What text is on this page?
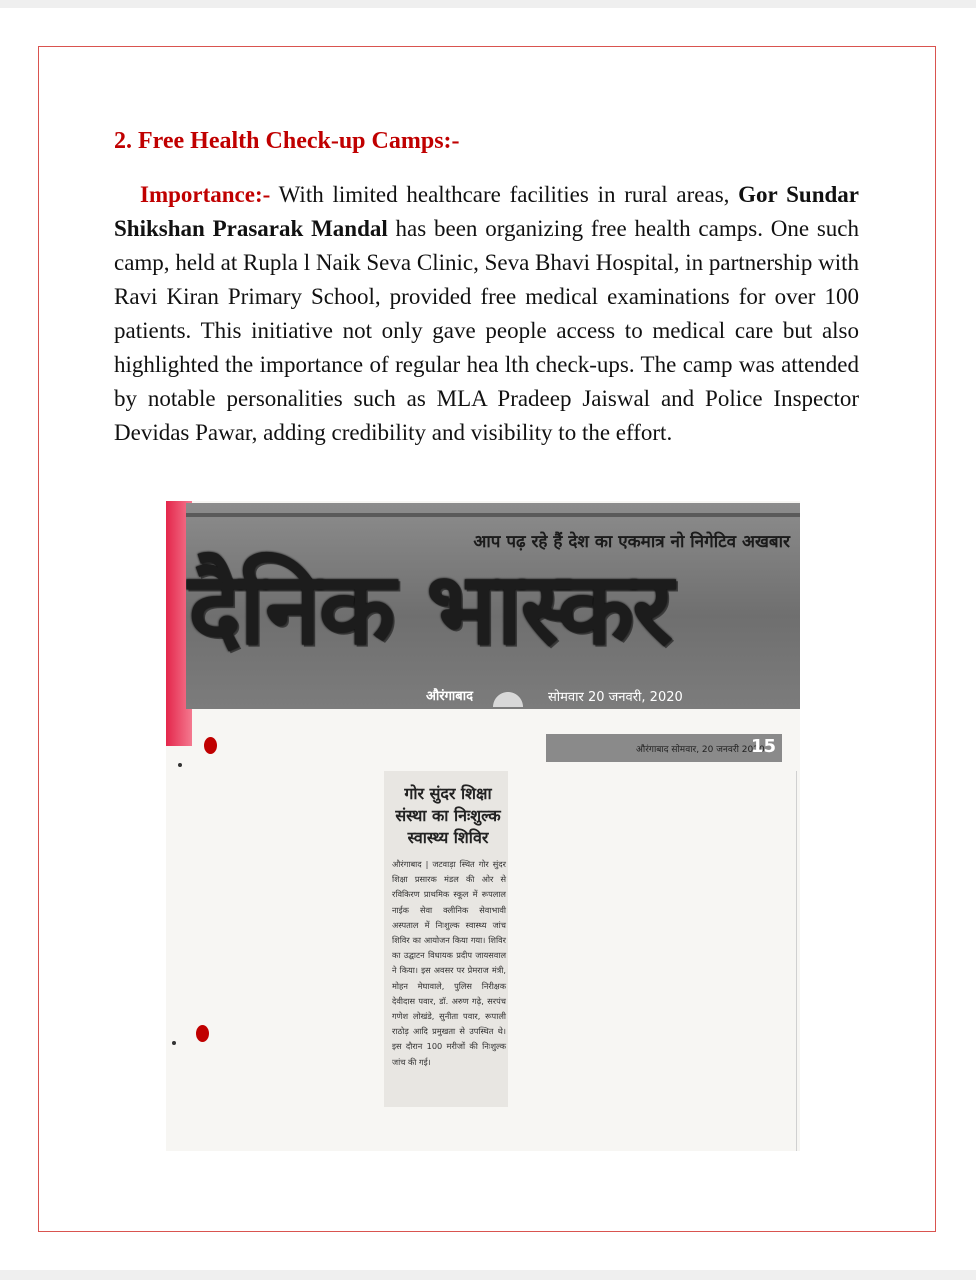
2. Free Health Check-up Camps:-
Importance:- With limited healthcare facilities in rural areas, Gor Sundar Shikshan Prasarak Mandal has been organizing free health camps. One such camp, held at Rupla l Naik Seva Clinic, Seva Bhavi Hospital, in partnership with Ravi Kiran Primary School, provided free medical examinations for over 100 patients. This initiative not only gave people access to medical care but also highlighted the importance of regular hea lth check-ups. The camp was attended by notable personalities such as MLA Pradeep Jaiswal and Police Inspector Devidas Pawar, adding credibility and visibility to the effort.
आप पढ़ रहे हैं देश का एकमात्र नो निगेटिव अखबार
दैनिक भास्कर
औरंगाबाद	सोमवार 20 जनवरी, 2020
औरंगाबाद सोमवार, 20 जनवरी 2020
15
गोर सुंदर शिक्षा संस्था का निःशुल्क स्वास्थ्य शिविर
औरंगाबाद | जटवाड़ा स्थित गोर सुंदर शिक्षा प्रसारक मंडल की ओर से रविकिरण प्राथमिक स्कूल में रूपलाल नाईक सेवा क्लीनिक सेवाभावी अस्पताल में निःशुल्क स्वास्थ्य जांच शिविर का आयोजन किया गया। शिविर का उद्घाटन विधायक प्रदीप जायसवाल ने किया। इस अवसर पर प्रेमराज मंत्री, मोहन मेघावाले, पुलिस निरीक्षक देवीदास पवार, डॉ. अरुण गढ़े, सरपंच गणेश लोखंडे, सुनीता पवार, रूपाली राठोड़ आदि प्रमुखता से उपस्थित थे। इस दौरान 100 मरीजों की निःशुल्क जांच की गई।
